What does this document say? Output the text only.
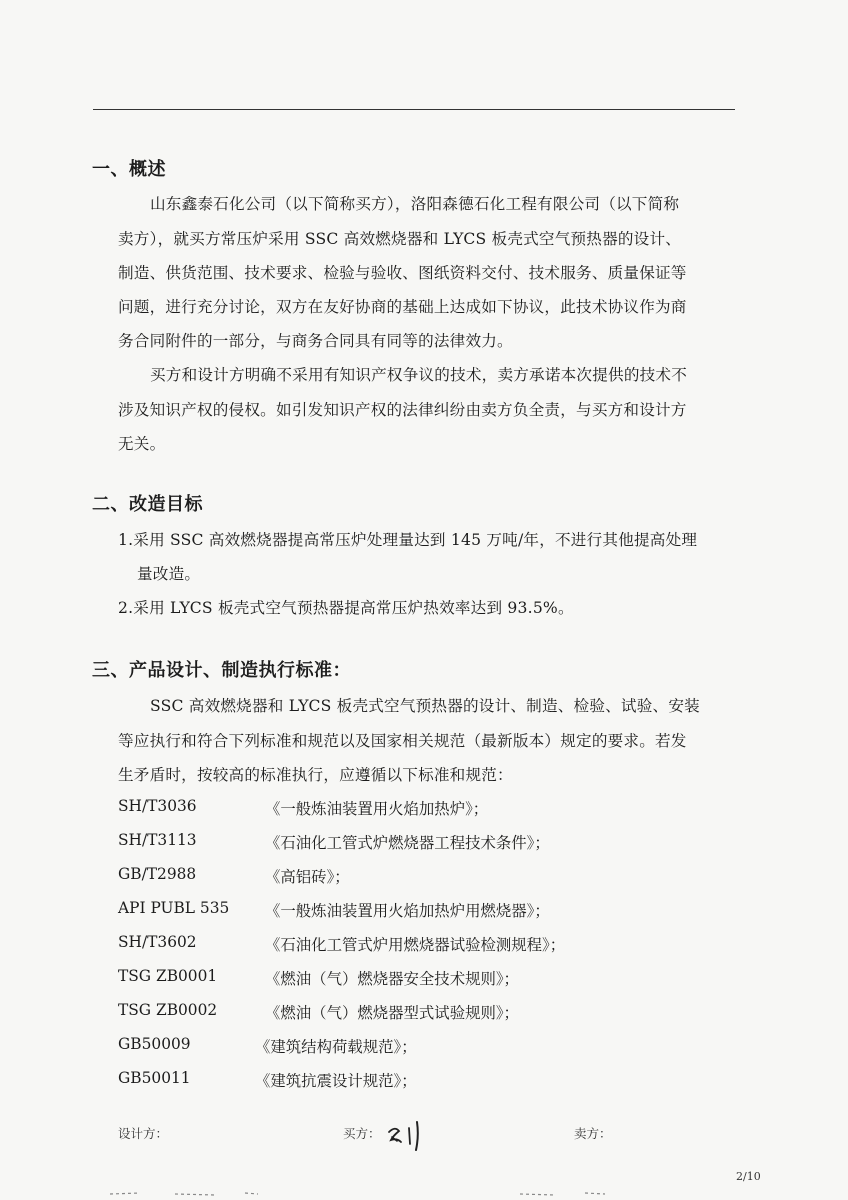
一、概述
山东鑫泰石化公司（以下简称买方），洛阳森德石化工程有限公司（以下简称
卖方），就买方常压炉采用 SSC 高效燃烧器和 LYCS 板壳式空气预热器的设计、
制造、供货范围、技术要求、检验与验收、图纸资料交付、技术服务、质量保证等
问题，进行充分讨论，双方在友好协商的基础上达成如下协议，此技术协议作为商
务合同附件的一部分，与商务合同具有同等的法律效力。
买方和设计方明确不采用有知识产权争议的技术，卖方承诺本次提供的技术不
涉及知识产权的侵权。如引发知识产权的法律纠纷由卖方负全责，与买方和设计方
无关。
二、改造目标
1.采用 SSC 高效燃烧器提高常压炉处理量达到 145 万吨/年，不进行其他提高处理
量改造。
2.采用 LYCS 板壳式空气预热器提高常压炉热效率达到 93.5%。
三、产品设计、制造执行标准：
SSC 高效燃烧器和 LYCS 板壳式空气预热器的设计、制造、检验、试验、安装
等应执行和符合下列标准和规范以及国家相关规范（最新版本）规定的要求。若发
生矛盾时，按较高的标准执行，应遵循以下标准和规范：
SH/T3036	《一般炼油装置用火焰加热炉》；
SH/T3113	《石油化工管式炉燃烧器工程技术条件》；
GB/T2988	《高铝砖》；
API PUBL 535 《一般炼油装置用火焰加热炉用燃烧器》；
SH/T3602	《石油化工管式炉用燃烧器试验检测规程》；
TSG ZB0001	《燃油（气）燃烧器安全技术规则》；
TSG ZB0002	《燃油（气）燃烧器型式试验规则》；
GB50009	《建筑结构荷载规范》；
GB50011	《建筑抗震设计规范》；
设计方：	买方：	卖方：
2/10
